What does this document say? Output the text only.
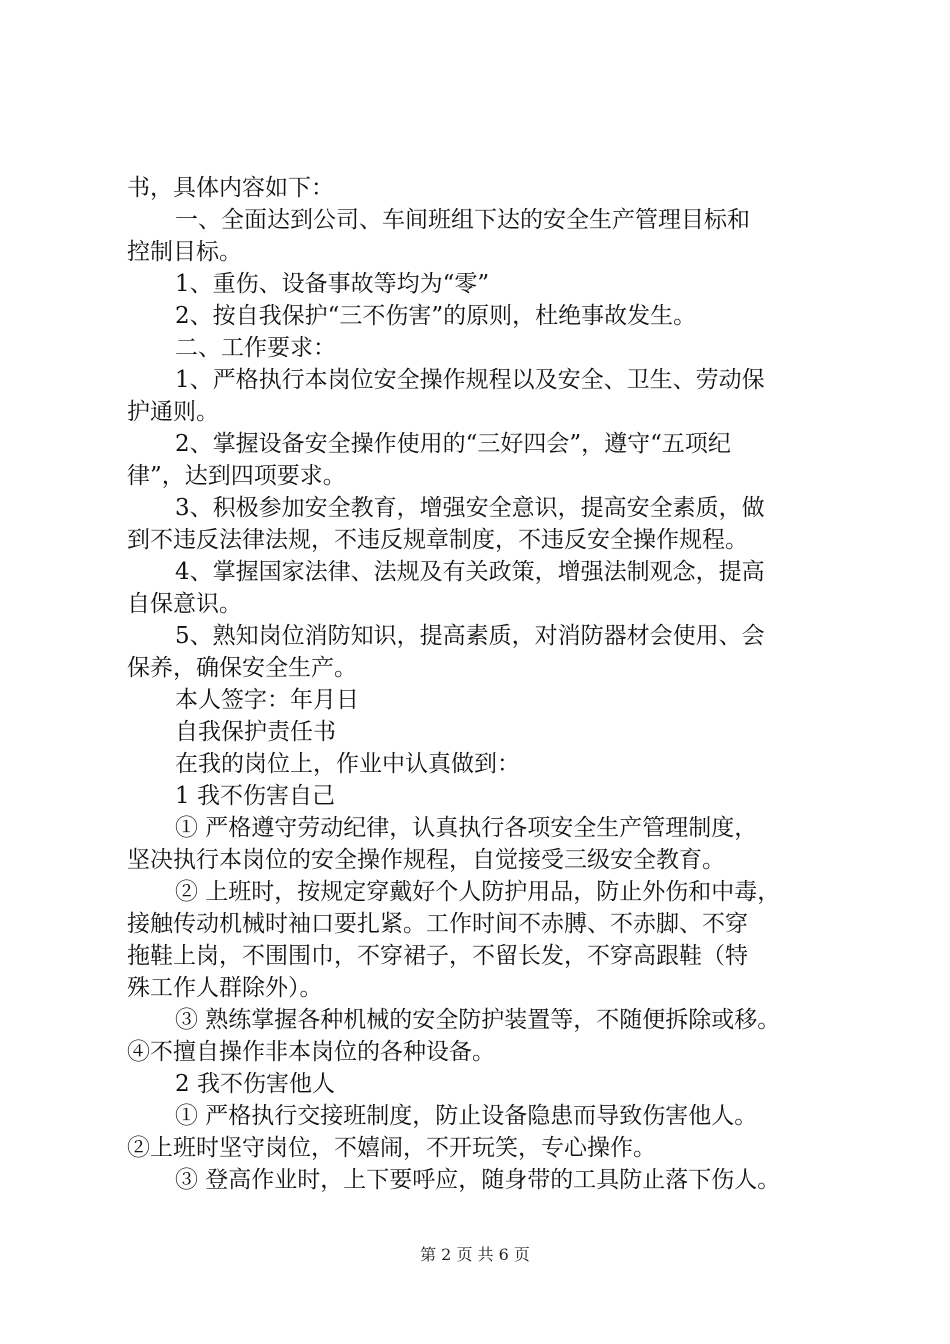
书，具体内容如下：
一、全面达到公司、车间班组下达的安全生产管理目标和
控制目标。
1、重伤、设备事故等均为“零”
2、按自我保护“三不伤害”的原则，杜绝事故发生。
二、工作要求：
1、严格执行本岗位安全操作规程以及安全、卫生、劳动保
护通则。
2、掌握设备安全操作使用的“三好四会”，遵守“五项纪
律”，达到四项要求。
3、积极参加安全教育，增强安全意识，提高安全素质，做
到不违反法律法规，不违反规章制度，不违反安全操作规程。
4、掌握国家法律、法规及有关政策，增强法制观念，提高
自保意识。
5、熟知岗位消防知识，提高素质，对消防器材会使用、会
保养，确保安全生产。
本人签字：年月日
自我保护责任书
在我的岗位上，作业中认真做到：
1 我不伤害自己
① 严格遵守劳动纪律，认真执行各项安全生产管理制度，
坚决执行本岗位的安全操作规程，自觉接受三级安全教育。
② 上班时，按规定穿戴好个人防护用品，防止外伤和中毒，
接触传动机械时袖口要扎紧。工作时间不赤膊、不赤脚、不穿
拖鞋上岗，不围围巾，不穿裙子，不留长发，不穿高跟鞋（特
殊工作人群除外）。
③ 熟练掌握各种机械的安全防护装置等，不随便拆除或移。
④不擅自操作非本岗位的各种设备。
2 我不伤害他人
① 严格执行交接班制度，防止设备隐患而导致伤害他人。
②上班时坚守岗位，不嬉闹，不开玩笑，专心操作。
③ 登高作业时，上下要呼应，随身带的工具防止落下伤人。
第 2 页 共 6 页
